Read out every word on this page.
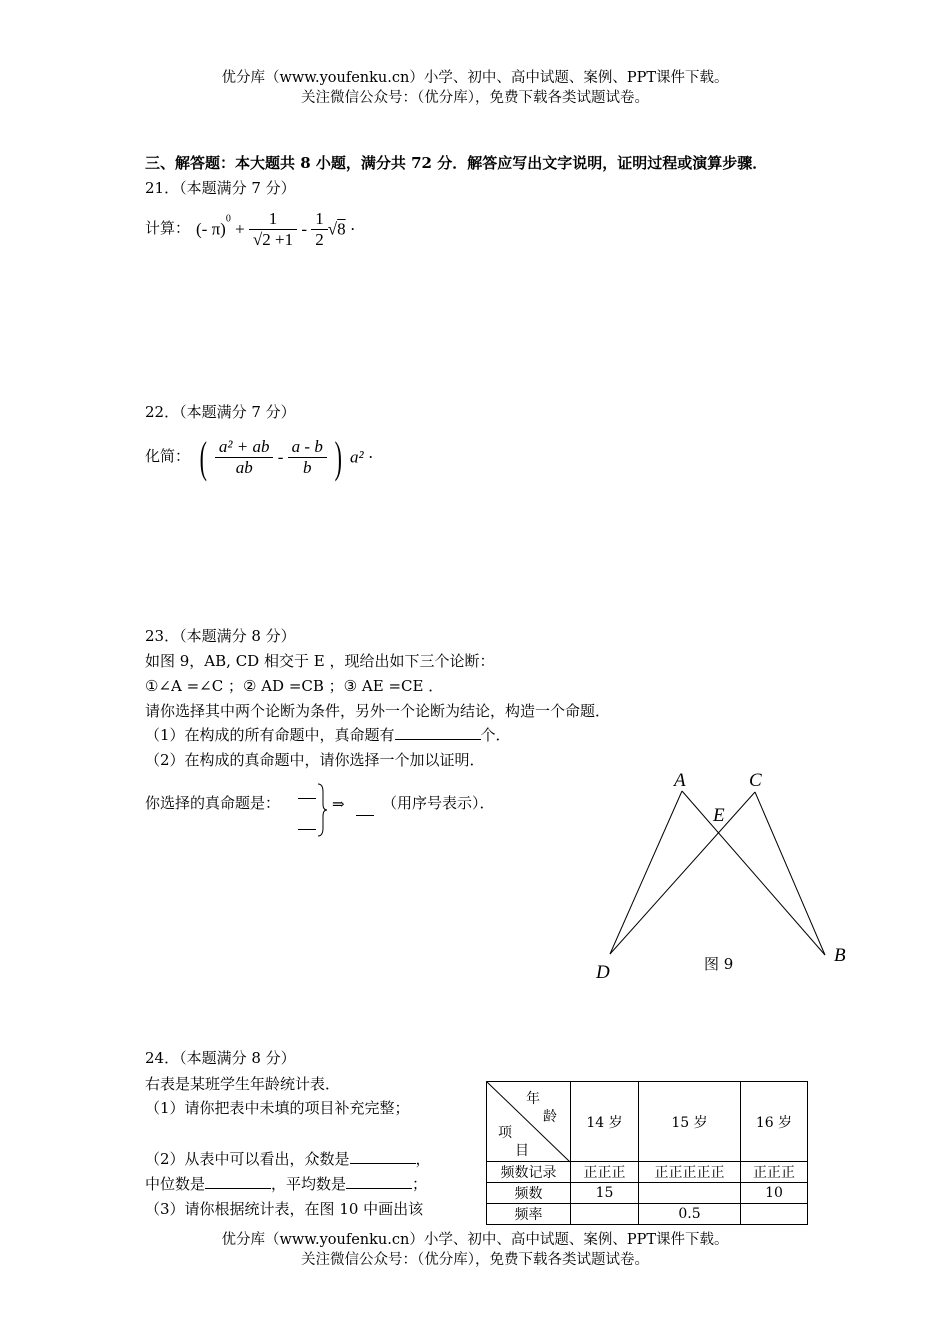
优分库（www.youfenku.cn）小学、初中、高中试题、案例、PPT课件下载。
关注微信公众号：（优分库），免费下载各类试题试卷。
三、解答题：本大题共 8 小题，满分共 72 分．解答应写出文字说明，证明过程或演算步骤．
21．（本题满分 7 分）
计算： (- $\pi)^0 + \frac{1}{√2 +1} - \frac{1}{2} √8$ ·
22．（本题满分 7 分）
化简： ( $\frac{\text{a² + ab}}{ab} - \frac{a - b}{b}$ ) a² ·
23．（本题满分 8 分）
如图 9，AB, CD 相交于 E ，现给出如下三个论断：
①∠A =∠C ；② AD =CB ；③ AE =CE ．
请你选择其中两个论断为条件，另外一个论断为结论，构造一个命题．
（1）在构成的所有命题中，真命题有	个．
（2）在构成的真命题中，请你选择一个加以证明．
你选择的真命题是：	⇒ （用序号表示）．
A	C
E
D
B
图 9
24．（本题满分 8 分）
右表是某班学生年龄统计表．
（1）请你把表中未填的项目补充完整；
（2）从表中可以看出，众数是	，
中位数是	，平均数是	；
（3）请你根据统计表，在图 10 中画出该
年
龄
项
目	14 岁	15 岁	16 岁
频数记录	正正正	正正正正正	正正正
频数	15		10
频率		0.5	
优分库（www.youfenku.cn）小学、初中、高中试题、案例、PPT课件下载。
关注微信公众号：（优分库），免费下载各类试题试卷。
